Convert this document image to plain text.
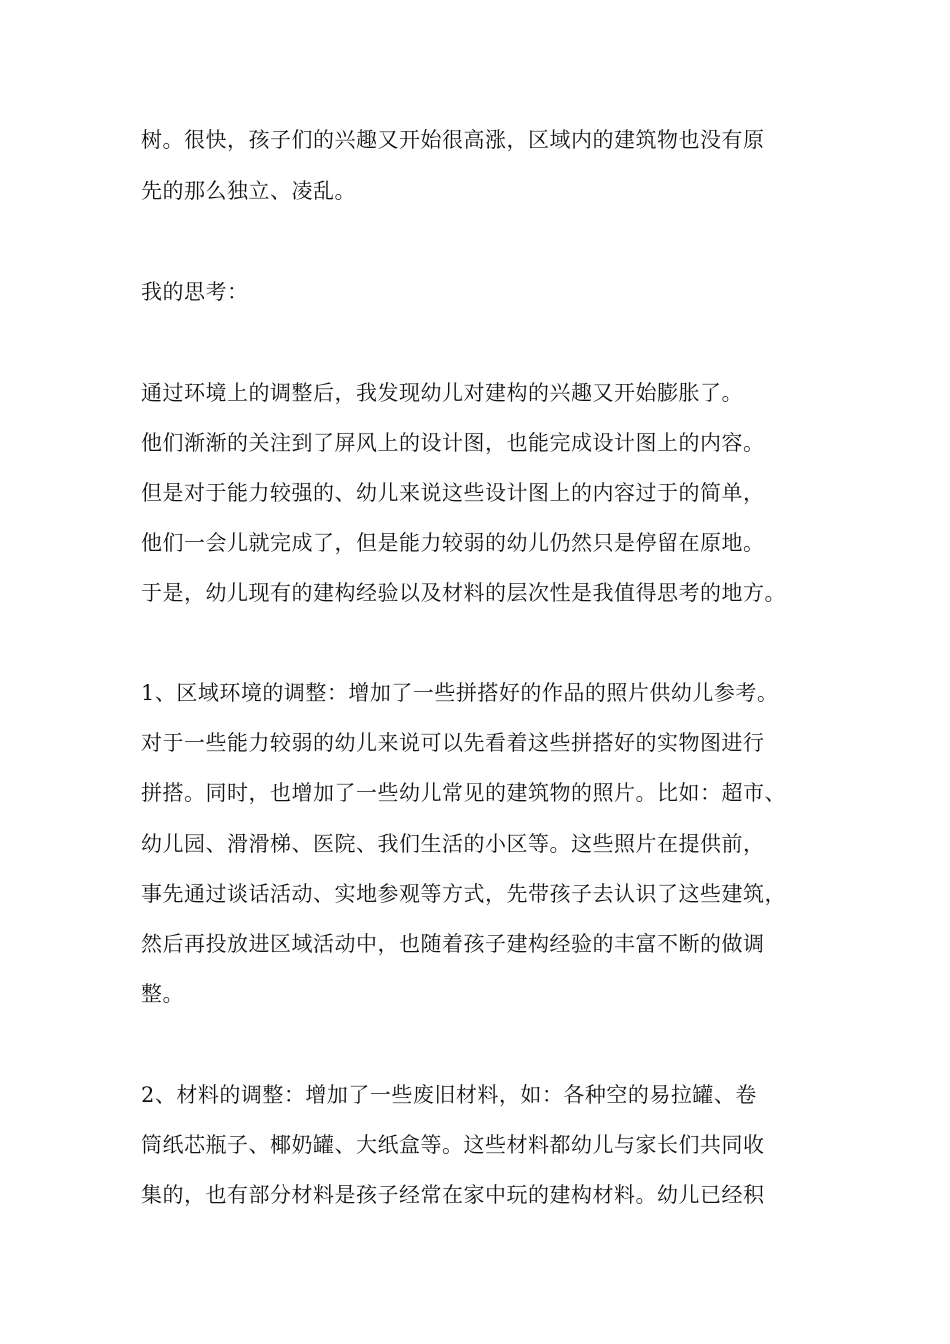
树。很快，孩子们的兴趣又开始很高涨，区域内的建筑物也没有原
先的那么独立、凌乱。
我的思考：
通过环境上的调整后，我发现幼儿对建构的兴趣又开始膨胀了。
他们渐渐的关注到了屏风上的设计图，也能完成设计图上的内容。
但是对于能力较强的、幼儿来说这些设计图上的内容过于的简单，
他们一会儿就完成了，但是能力较弱的幼儿仍然只是停留在原地。
于是，幼儿现有的建构经验以及材料的层次性是我值得思考的地方。
1、区域环境的调整：增加了一些拼搭好的作品的照片供幼儿参考。
对于一些能力较弱的幼儿来说可以先看着这些拼搭好的实物图进行
拼搭。同时，也增加了一些幼儿常见的建筑物的照片。比如：超市、
幼儿园、滑滑梯、医院、我们生活的小区等。这些照片在提供前，
事先通过谈话活动、实地参观等方式，先带孩子去认识了这些建筑，
然后再投放进区域活动中，也随着孩子建构经验的丰富不断的做调
整。
2、材料的调整：增加了一些废旧材料，如：各种空的易拉罐、卷
筒纸芯瓶子、椰奶罐、大纸盒等。这些材料都幼儿与家长们共同收
集的，也有部分材料是孩子经常在家中玩的建构材料。幼儿已经积
